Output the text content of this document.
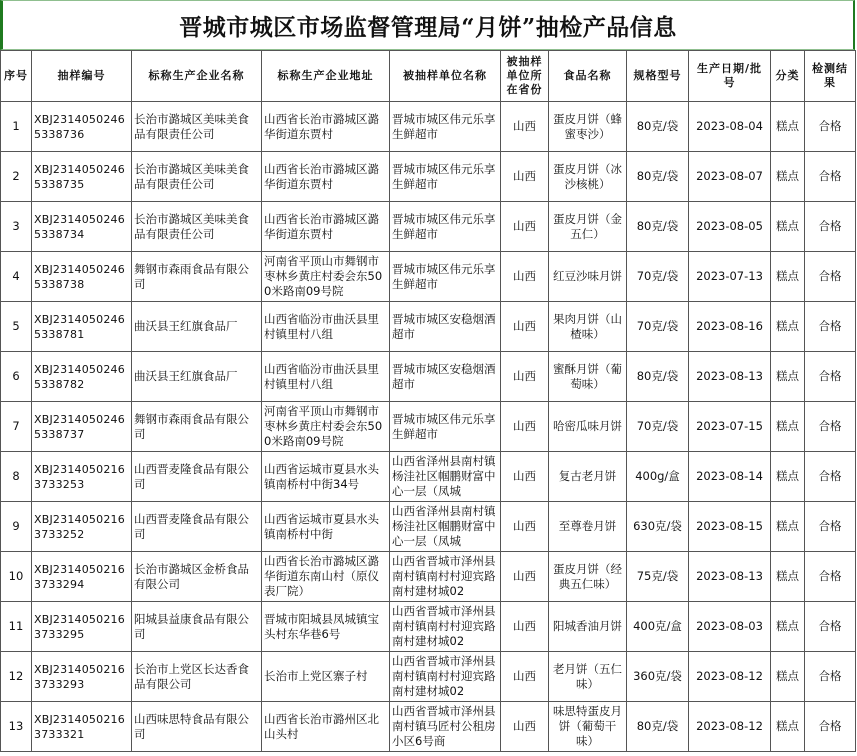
晋城市城区市场监督管理局“月饼”抽检产品信息
序号	抽样编号	标称生产企业名称	标称生产企业地址	被抽样单位名称	被抽样单位所在省份	食品名称	规格型号	生产日期/批号	分类	检测结果
1	XBJ23140502465338736	长治市潞城区美味美食品有限责任公司	山西省长治市潞城区潞华街道东贾村	晋城市城区伟元乐享生鲜超市	山西	蛋皮月饼（蜂蜜枣沙）	80克/袋	2023-08-04	糕点	合格
2	XBJ23140502465338735	长治市潞城区美味美食品有限责任公司	山西省长治市潞城区潞华街道东贾村	晋城市城区伟元乐享生鲜超市	山西	蛋皮月饼（冰沙核桃）	80克/袋	2023-08-07	糕点	合格
3	XBJ23140502465338734	长治市潞城区美味美食品有限责任公司	山西省长治市潞城区潞华街道东贾村	晋城市城区伟元乐享生鲜超市	山西	蛋皮月饼（金五仁）	80克/袋	2023-08-05	糕点	合格
4	XBJ23140502465338738	舞钢市森雨食品有限公司	河南省平顶山市舞钢市枣林乡黄庄村委会东500米路南09号院	晋城市城区伟元乐享生鲜超市	山西	红豆沙味月饼	70克/袋	2023-07-13	糕点	合格
5	XBJ23140502465338781	曲沃县王红旗食品厂	山西省临汾市曲沃县里村镇里村八组	晋城市城区安稳烟酒超市	山西	果肉月饼（山楂味）	70克/袋	2023-08-16	糕点	合格
6	XBJ23140502465338782	曲沃县王红旗食品厂	山西省临汾市曲沃县里村镇里村八组	晋城市城区安稳烟酒超市	山西	蜜酥月饼（葡萄味）	80克/袋	2023-08-13	糕点	合格
7	XBJ23140502465338737	舞钢市森雨食品有限公司	河南省平顶山市舞钢市枣林乡黄庄村委会东500米路南09号院	晋城市城区伟元乐享生鲜超市	山西	哈密瓜味月饼	70克/袋	2023-07-15	糕点	合格
8	XBJ23140502163733253	山西晋麦隆食品有限公司	山西省运城市夏县水头镇南桥村中街34号	山西省泽州县南村镇杨洼社区帼鹏财富中心一层（凤城	山西	复古老月饼	400g/盒	2023-08-14	糕点	合格
9	XBJ23140502163733252	山西晋麦隆食品有限公司	山西省运城市夏县水头镇南桥村中街	山西省泽州县南村镇杨洼社区帼鹏财富中心一层（凤城	山西	至尊卷月饼	630克/袋	2023-08-15	糕点	合格
10	XBJ23140502163733294	长治市潞城区金桥食品有限公司	山西省长治市潞城区潞华街道东南山村（原仪表厂院）	山西省晋城市泽州县南村镇南村村迎宾路南村建材城02	山西	蛋皮月饼（经典五仁味）	75克/袋	2023-08-13	糕点	合格
11	XBJ23140502163733295	阳城县益康食品有限公司	晋城市阳城县凤城镇宝头村东华巷6号	山西省晋城市泽州县南村镇南村村迎宾路南村建材城02	山西	阳城香油月饼	400克/盒	2023-08-03	糕点	合格
12	XBJ23140502163733293	长治市上党区长达香食品有限公司	长治市上党区寨子村	山西省晋城市泽州县南村镇南村村迎宾路南村建材城02	山西	老月饼（五仁味）	360克/袋	2023-08-12	糕点	合格
13	XBJ23140502163733321	山西味思特食品有限公司	山西省长治市潞州区北山头村	山西省晋城市泽州县南村镇马匠村公租房小区6号商	山西	味思特蛋皮月饼（葡萄干味）	80克/袋	2023-08-12	糕点	合格
